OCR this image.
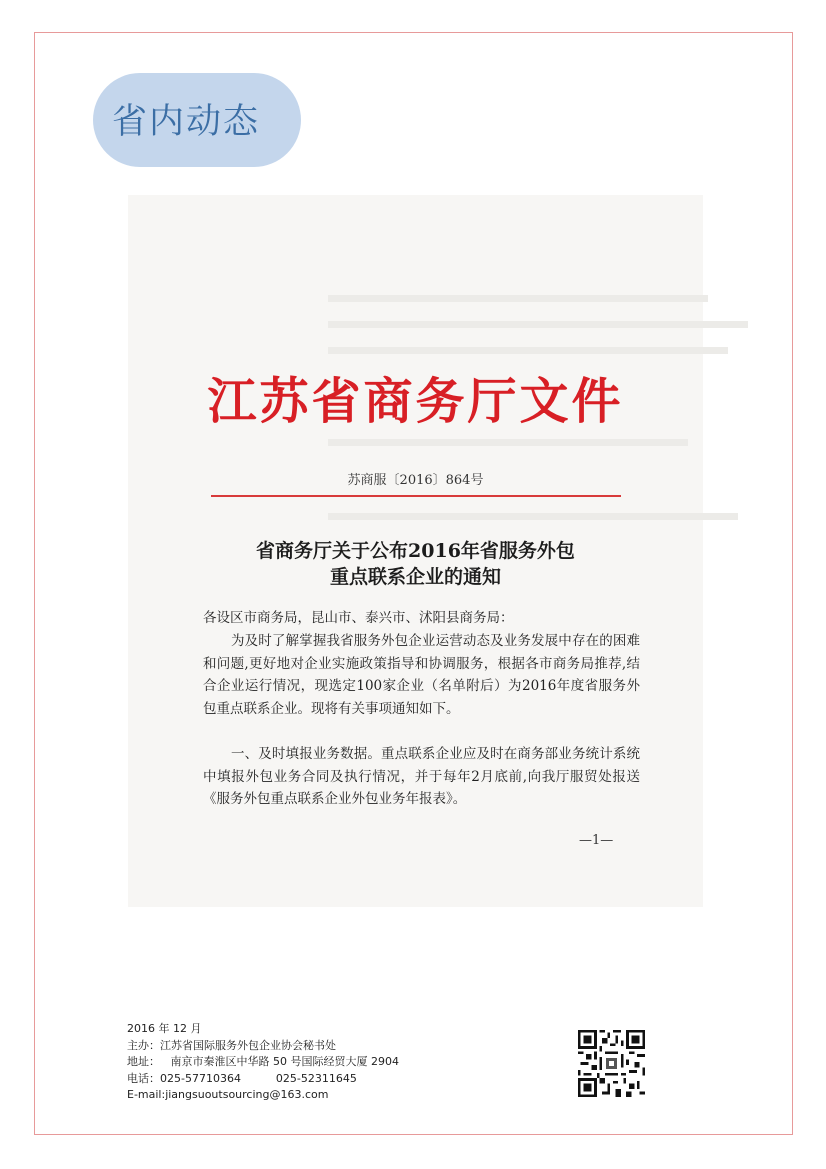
省内动态
江苏省商务厅文件
苏商服〔2016〕864号
省商务厅关于公布2016年省服务外包
重点联系企业的通知

各设区市商务局，昆山市、泰兴市、沭阳县商务局：

为及时了解掌握我省服务外包企业运营动态及业务发展中存在的困难和问题,更好地对企业实施政策指导和协调服务，根据各市商务局推荐,结合企业运行情况，现选定100家企业（名单附后）为2016年度省服务外包重点联系企业。现将有关事项通知如下。

一、及时填报业务数据。重点联系企业应及时在商务部业务统计系统中填报外包业务合同及执行情况，并于每年2月底前,向我厅服贸处报送《服务外包重点联系企业外包业务年报表》。

—1—
2016 年 12 月
主办：江苏省国际服务外包企业协会秘书处
地址：   南京市秦淮区中华路 50 号国际经贸大厦 2904
电话：025-57710364          025-52311645
E-mail:jiangsuoutsourcing@163.com
